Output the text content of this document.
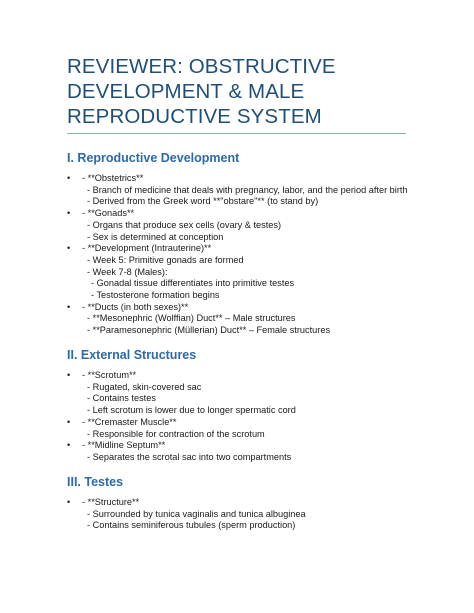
REVIEWER: OBSTRUCTIVE
DEVELOPMENT & MALE
REPRODUCTIVE SYSTEM
I. Reproductive Development
•	- **Obstetrics**
- Branch of medicine that deals with pregnancy, labor, and the period after birth
- Derived from the Greek word **"obstare"** (to stand by)
•	- **Gonads**
- Organs that produce sex cells (ovary & testes)
- Sex is determined at conception
•	- **Development (Intrauterine)**
- Week 5: Primitive gonads are formed
- Week 7-8 (Males):
- Gonadal tissue differentiates into primitive testes
- Testosterone formation begins
•	- **Ducts (in both sexes)**
- **Mesonephric (Wolffian) Duct** – Male structures
- **Paramesonephric (Müllerian) Duct** – Female structures
II. External Structures
•	- **Scrotum**
- Rugated, skin-covered sac
- Contains testes
- Left scrotum is lower due to longer spermatic cord
•	- **Cremaster Muscle**
- Responsible for contraction of the scrotum
•	- **Midline Septum**
- Separates the scrotal sac into two compartments
III. Testes
•	- **Structure**
- Surrounded by tunica vaginalis and tunica albuginea
- Contains seminiferous tubules (sperm production)
